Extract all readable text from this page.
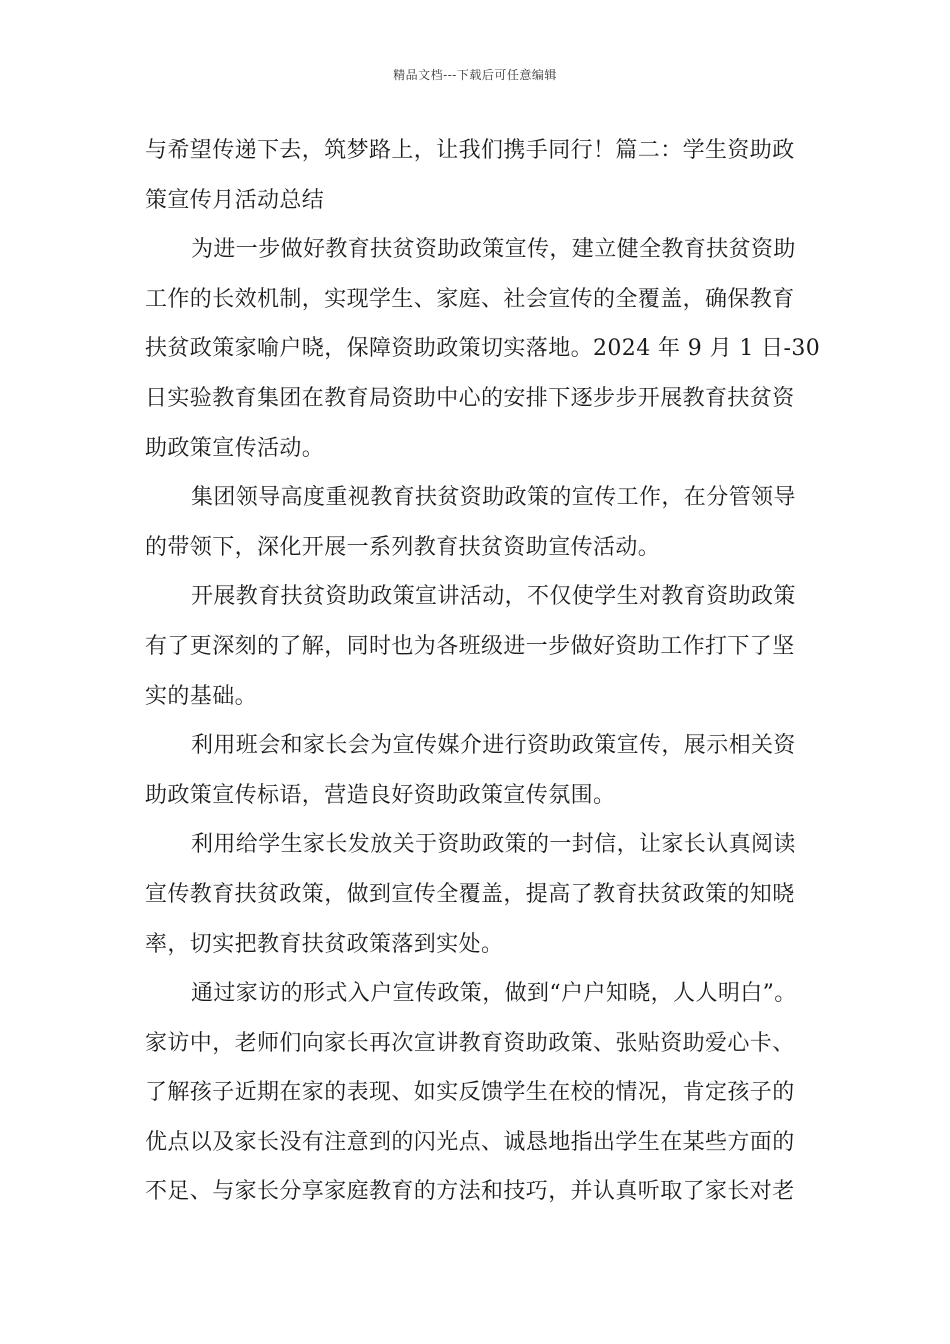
精品文档---下载后可任意编辑
与希望传递下去，筑梦路上，让我们携手同行！篇二：学生资助政
策宣传月活动总结
为进一步做好教育扶贫资助政策宣传，建立健全教育扶贫资助
工作的长效机制，实现学生、家庭、社会宣传的全覆盖，确保教育
扶贫政策家喻户晓，保障资助政策切实落地。2024 年 9 月 1 日-30
日实验教育集团在教育局资助中心的安排下逐步步开展教育扶贫资
助政策宣传活动。
集团领导高度重视教育扶贫资助政策的宣传工作，在分管领导
的带领下，深化开展一系列教育扶贫资助宣传活动。
开展教育扶贫资助政策宣讲活动，不仅使学生对教育资助政策
有了更深刻的了解，同时也为各班级进一步做好资助工作打下了坚
实的基础。
利用班会和家长会为宣传媒介进行资助政策宣传，展示相关资
助政策宣传标语，营造良好资助政策宣传氛围。
利用给学生家长发放关于资助政策的一封信，让家长认真阅读
宣传教育扶贫政策，做到宣传全覆盖，提高了教育扶贫政策的知晓
率，切实把教育扶贫政策落到实处。
通过家访的形式入户宣传政策，做到“户户知晓，人人明白”。
家访中，老师们向家长再次宣讲教育资助政策、张贴资助爱心卡、
了解孩子近期在家的表现、如实反馈学生在校的情况，肯定孩子的
优点以及家长没有注意到的闪光点、诚恳地指出学生在某些方面的
不足、与家长分享家庭教育的方法和技巧，并认真听取了家长对老
